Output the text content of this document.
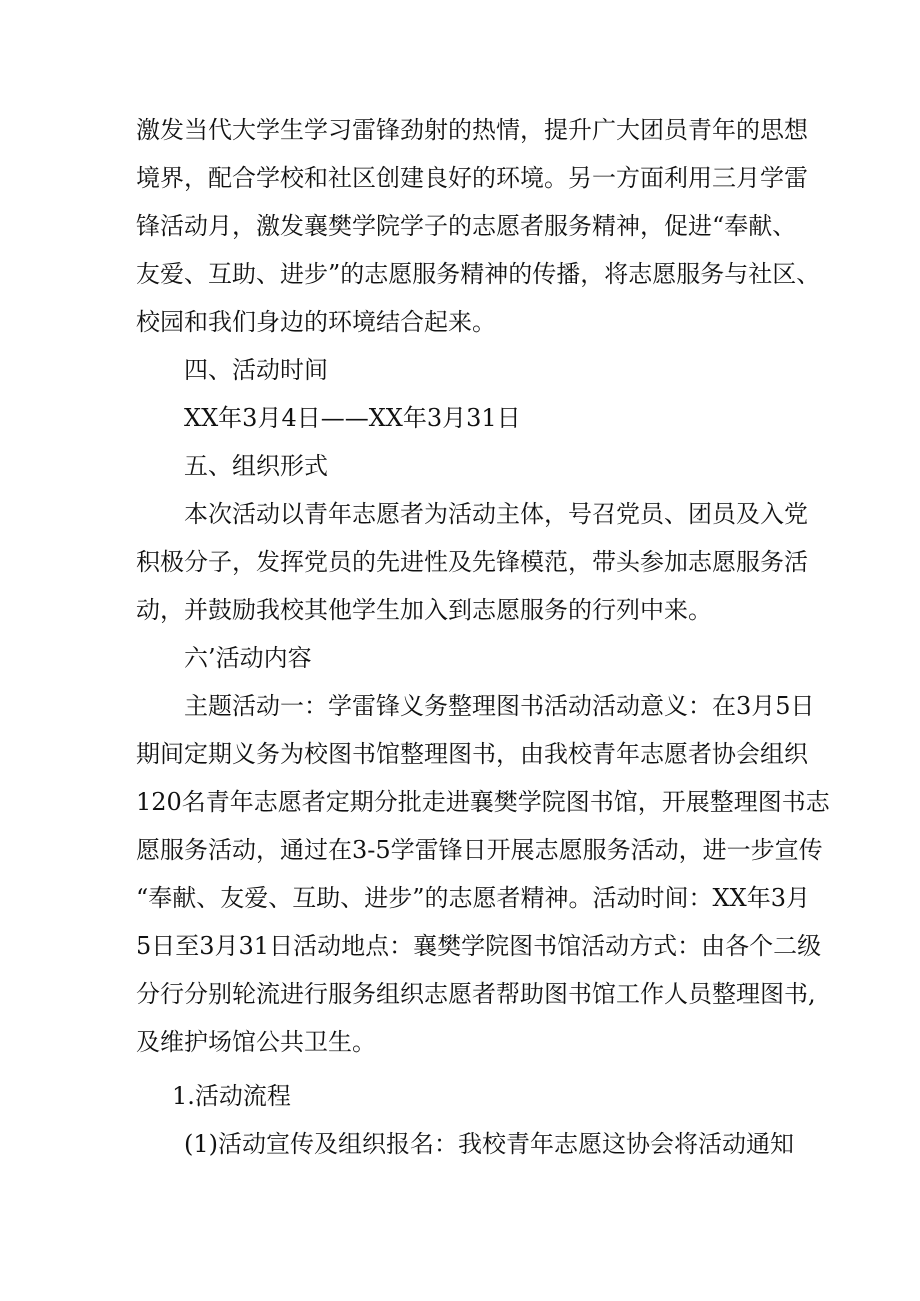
激发当代大学生学习雷锋劲射的热情，提升广大团员青年的思想
境界，配合学校和社区创建良好的环境。另一方面利用三月学雷
锋活动月，激发襄樊学院学子的志愿者服务精神，促进“奉献、
友爱、互助、进步”的志愿服务精神的传播，将志愿服务与社区、
校园和我们身边的环境结合起来。
四、活动时间
XX年3月4日——XX年3月31日
五、组织形式
本次活动以青年志愿者为活动主体，号召党员、团员及入党
积极分子，发挥党员的先进性及先锋模范，带头参加志愿服务活
动，并鼓励我校其他学生加入到志愿服务的行列中来。
六’活动内容
主题活动一：学雷锋义务整理图书活动活动意义：在3月5日
期间定期义务为校图书馆整理图书，由我校青年志愿者协会组织
120名青年志愿者定期分批走进襄樊学院图书馆，开展整理图书志
愿服务活动，通过在3-5学雷锋日开展志愿服务活动，进一步宣传
“奉献、友爱、互助、进步”的志愿者精神。活动时间：XX年3月
5日至3月31日活动地点：襄樊学院图书馆活动方式：由各个二级
分行分别轮流进行服务组织志愿者帮助图书馆工作人员整理图书,
及维护场馆公共卫生。
1.活动流程
(1)活动宣传及组织报名：我校青年志愿这协会将活动通知
